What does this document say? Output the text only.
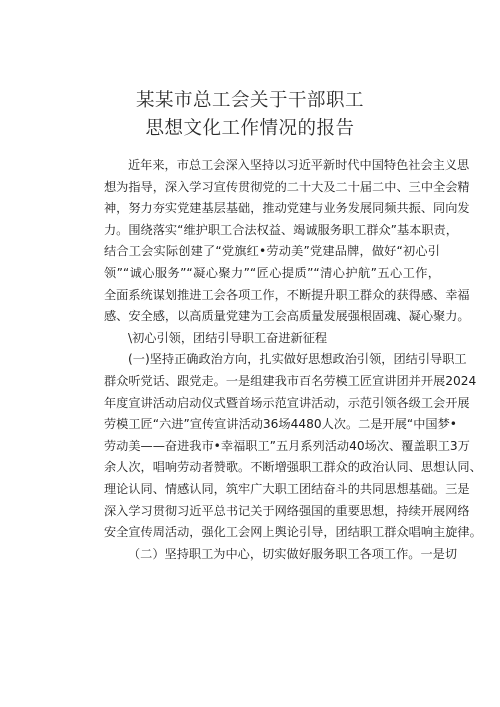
某某市总工会关于干部职工
思想文化工作情况的报告
近年来，市总工会深入坚持以习近平新时代中国特色社会主义思
想为指导，深入学习宣传贯彻党的二十大及二十届二中、三中全会精
神，努力夯实党建基层基础，推动党建与业务发展同频共振、同向发
力。围绕落实“维护职工合法权益、竭诚服务职工群众”基本职责，
结合工会实际创建了“党旗红•劳动美”党建品牌，做好“初心引
领”“诚心服务”“凝心聚力”“匠心提质”“清心护航”五心工作，
全面系统谋划推进工会各项工作，不断提升职工群众的获得感、幸福
感、安全感，以高质量党建为工会高质量发展强根固魂、凝心聚力。
\初心引领，团结引导职工奋进新征程
(一)坚持正确政治方向，扎实做好思想政治引领，团结引导职工
群众听党话、跟党走。一是组建我市百名劳模工匠宣讲团并开展2024
年度宣讲活动启动仪式暨首场示范宣讲活动，示范引领各级工会开展
劳模工匠“六进”宣传宣讲活动36场4480人次。二是开展“中国梦•
劳动美——奋进我市•幸福职工”五月系列活动40场次、覆盖职工3万
余人次，唱响劳动者赞歌。不断增强职工群众的政治认同、思想认同、
理论认同、情感认同，筑牢广大职工团结奋斗的共同思想基础。三是
深入学习贯彻习近平总书记关于网络强国的重要思想，持续开展网络
安全宣传周活动，强化工会网上舆论引导，团结职工群众唱响主旋律。
（二）坚持职工为中心，切实做好服务职工各项工作。一是切
